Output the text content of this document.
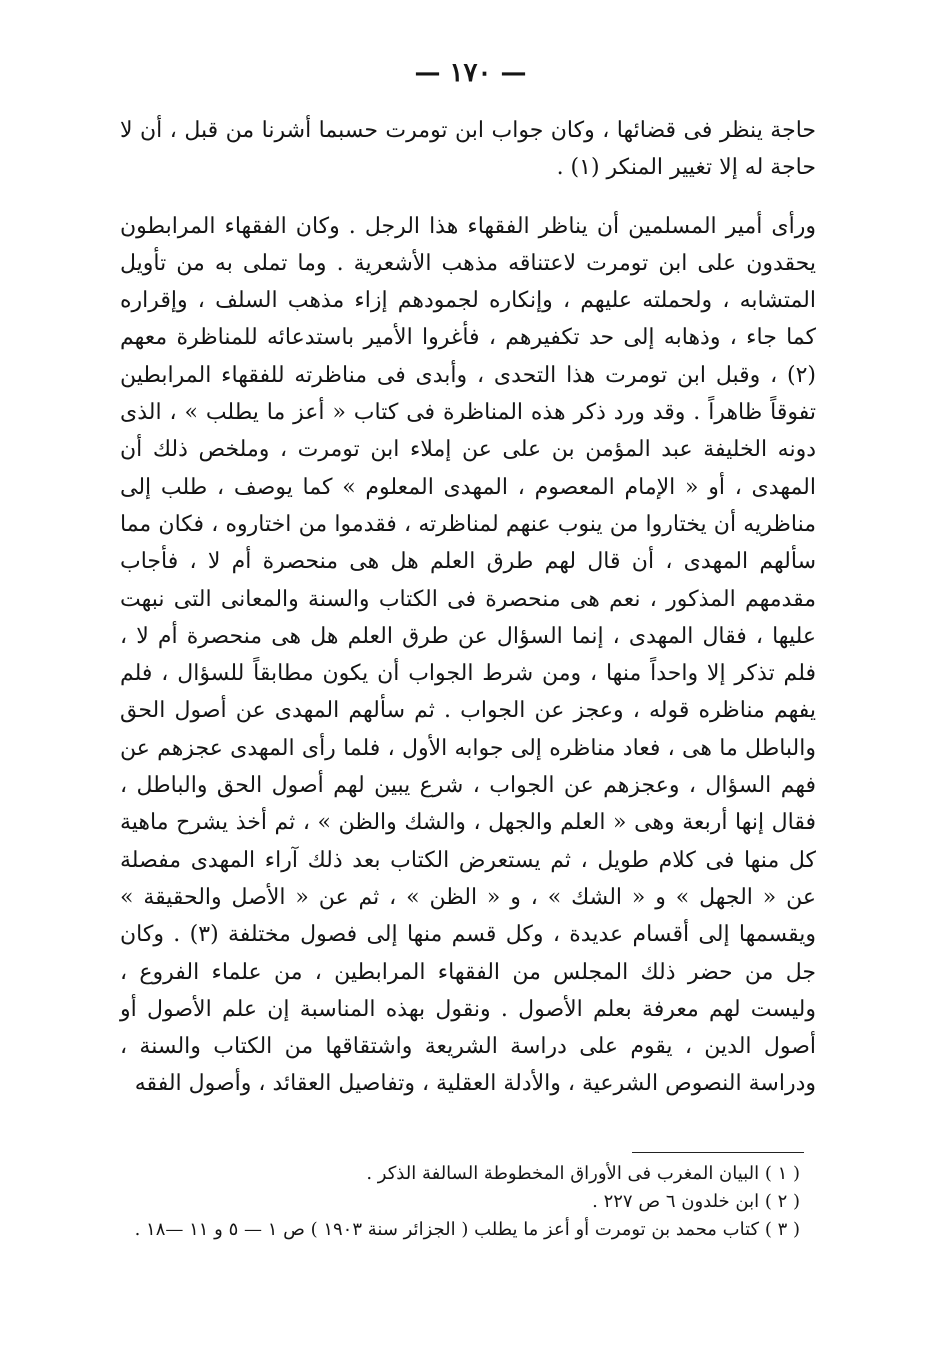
— ١٧٠ —

حاجة ينظر فى قضائها ، وكان جواب ابن تومرت حسبما أشرنا من قبل ، أن لا حاجة له إلا تغيير المنكر (١) .

ورأى أمير المسلمين أن يناظر الفقهاء هذا الرجل . وكان الفقهاء المرابطون يحقدون على ابن تومرت لاعتناقه مذهب الأشعرية . وما تملى به من تأويل المتشابه ، ولحملته عليهم ، وإنكاره لجمودهم إزاء مذهب السلف ، وإقراره كما جاء ، وذهابه إلى حد تكفيرهم ، فأغروا الأمير باستدعائه للمناظرة معهم (٢) ، وقبل ابن تومرت هذا التحدى ، وأبدى فى مناظرته للفقهاء المرابطين تفوقاً ظاهراً . وقد ورد ذكر هذه المناظرة فى كتاب « أعز ما يطلب » ، الذى دونه الخليفة عبد المؤمن بن على عن إملاء ابن تومرت ، وملخص ذلك أن المهدى ، أو « الإمام المعصوم ، المهدى المعلوم » كما يوصف ، طلب إلى مناظريه أن يختاروا من ينوب عنهم لمناظرته ، فقدموا من اختاروه ، فكان مما سألهم المهدى ، أن قال لهم طرق العلم هل هى منحصرة أم لا ، فأجاب مقدمهم المذكور ، نعم هى منحصرة فى الكتاب والسنة والمعانى التى نبهت عليها ، فقال المهدى ، إنما السؤال عن طرق العلم هل هى منحصرة أم لا ، فلم تذكر إلا واحداً منها ، ومن شرط الجواب أن يكون مطابقاً للسؤال ، فلم يفهم مناظره قوله ، وعجز عن الجواب . ثم سألهم المهدى عن أصول الحق والباطل ما هى ، فعاد مناظره إلى جوابه الأول ، فلما رأى المهدى عجزهم عن فهم السؤال ، وعجزهم عن الجواب ، شرع يبين لهم أصول الحق والباطل ، فقال إنها أربعة وهى « العلم والجهل ، والشك والظن » ، ثم أخذ يشرح ماهية كل منها فى كلام طويل ، ثم يستعرض الكتاب بعد ذلك آراء المهدى مفصلة عن « الجهل » و « الشك » ، و « الظن » ، ثم عن « الأصل والحقيقة » ويقسمها إلى أقسام عديدة ، وكل قسم منها إلى فصول مختلفة (٣) . وكان جل من حضر ذلك المجلس من الفقهاء المرابطين ، من علماء الفروع ، وليست لهم معرفة بعلم الأصول . ونقول بهذه المناسبة إن علم الأصول أو أصول الدين ، يقوم على دراسة الشريعة واشتقاقها من الكتاب والسنة ، ودراسة النصوص الشرعية ، والأدلة العقلية ، وتفاصيل العقائد ، وأصول الفقه

( ١ ) البيان المغرب فى الأوراق المخطوطة السالفة الذكر .
( ٢ ) ابن خلدون ٦ ص ٢٢٧ .
( ٣ ) كتاب محمد بن تومرت أو أعز ما يطلب ( الجزائر سنة ١٩٠٣ ) ص ١ — ٥ و ١١ —١٨ .
